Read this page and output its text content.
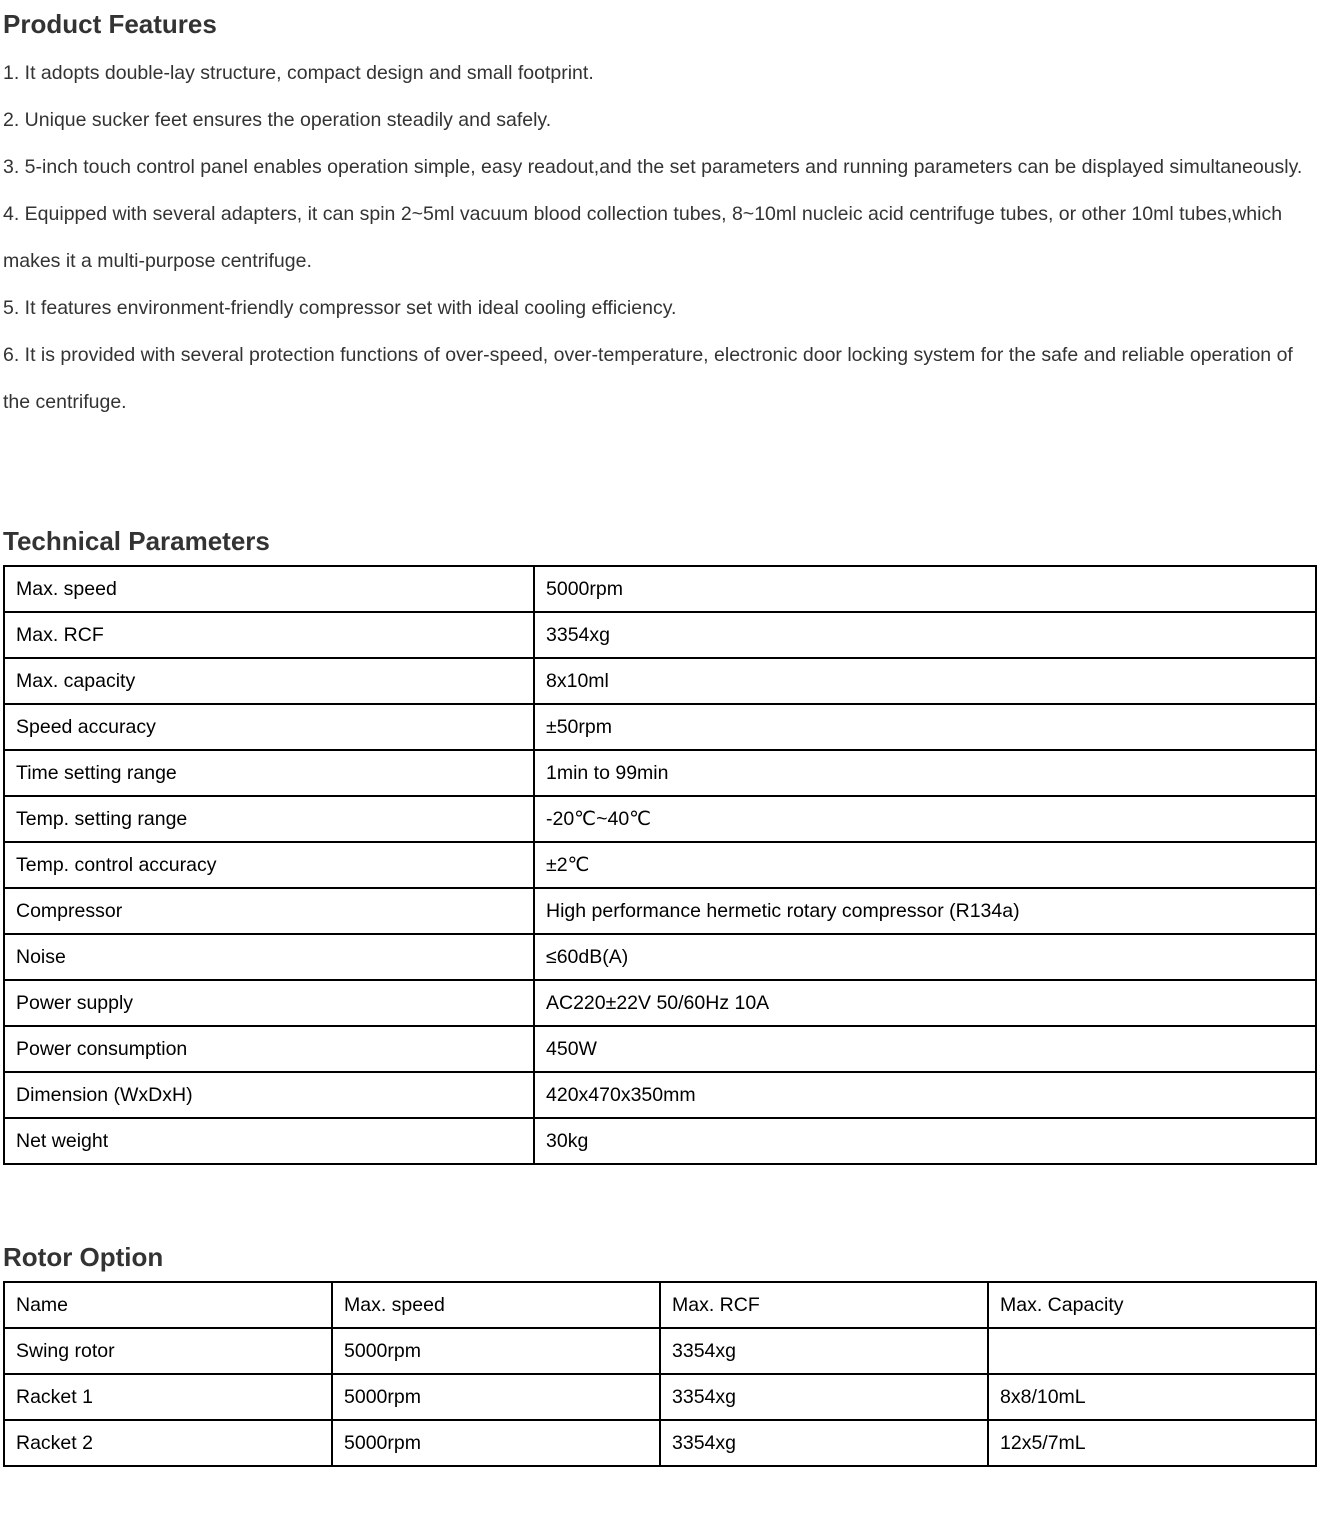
Product Features
1. It adopts double-lay structure, compact design and small footprint.
2. Unique sucker feet ensures the operation steadily and safely.
3. 5-inch touch control panel enables operation simple, easy readout,and the set parameters and running parameters can be displayed simultaneously.
4. Equipped with several adapters, it can spin 2~5ml vacuum blood collection tubes, 8~10ml nucleic acid centrifuge tubes, or other 10ml tubes,which makes it a multi-purpose centrifuge.
5. It features environment-friendly compressor set with ideal cooling efficiency.
6. It is provided with several protection functions of over-speed, over-temperature, electronic door locking system for the safe and reliable operation of the centrifuge.
Technical Parameters
Max. speed	5000rpm
Max. RCF	3354xg
Max. capacity	8x10ml
Speed accuracy	±50rpm
Time setting range	1min to 99min
Temp. setting range	-20℃~40℃
Temp. control accuracy	±2℃
Compressor	High performance hermetic rotary compressor (R134a)
Noise	≤60dB(A)
Power supply	AC220±22V 50/60Hz 10A
Power consumption	450W
Dimension (WxDxH)	420x470x350mm
Net weight	30kg
Rotor Option
Name	Max. speed	Max. RCF	Max. Capacity
Swing rotor	5000rpm	3354xg	
Racket 1	5000rpm	3354xg	8x8/10mL
Racket 2	5000rpm	3354xg	12x5/7mL
